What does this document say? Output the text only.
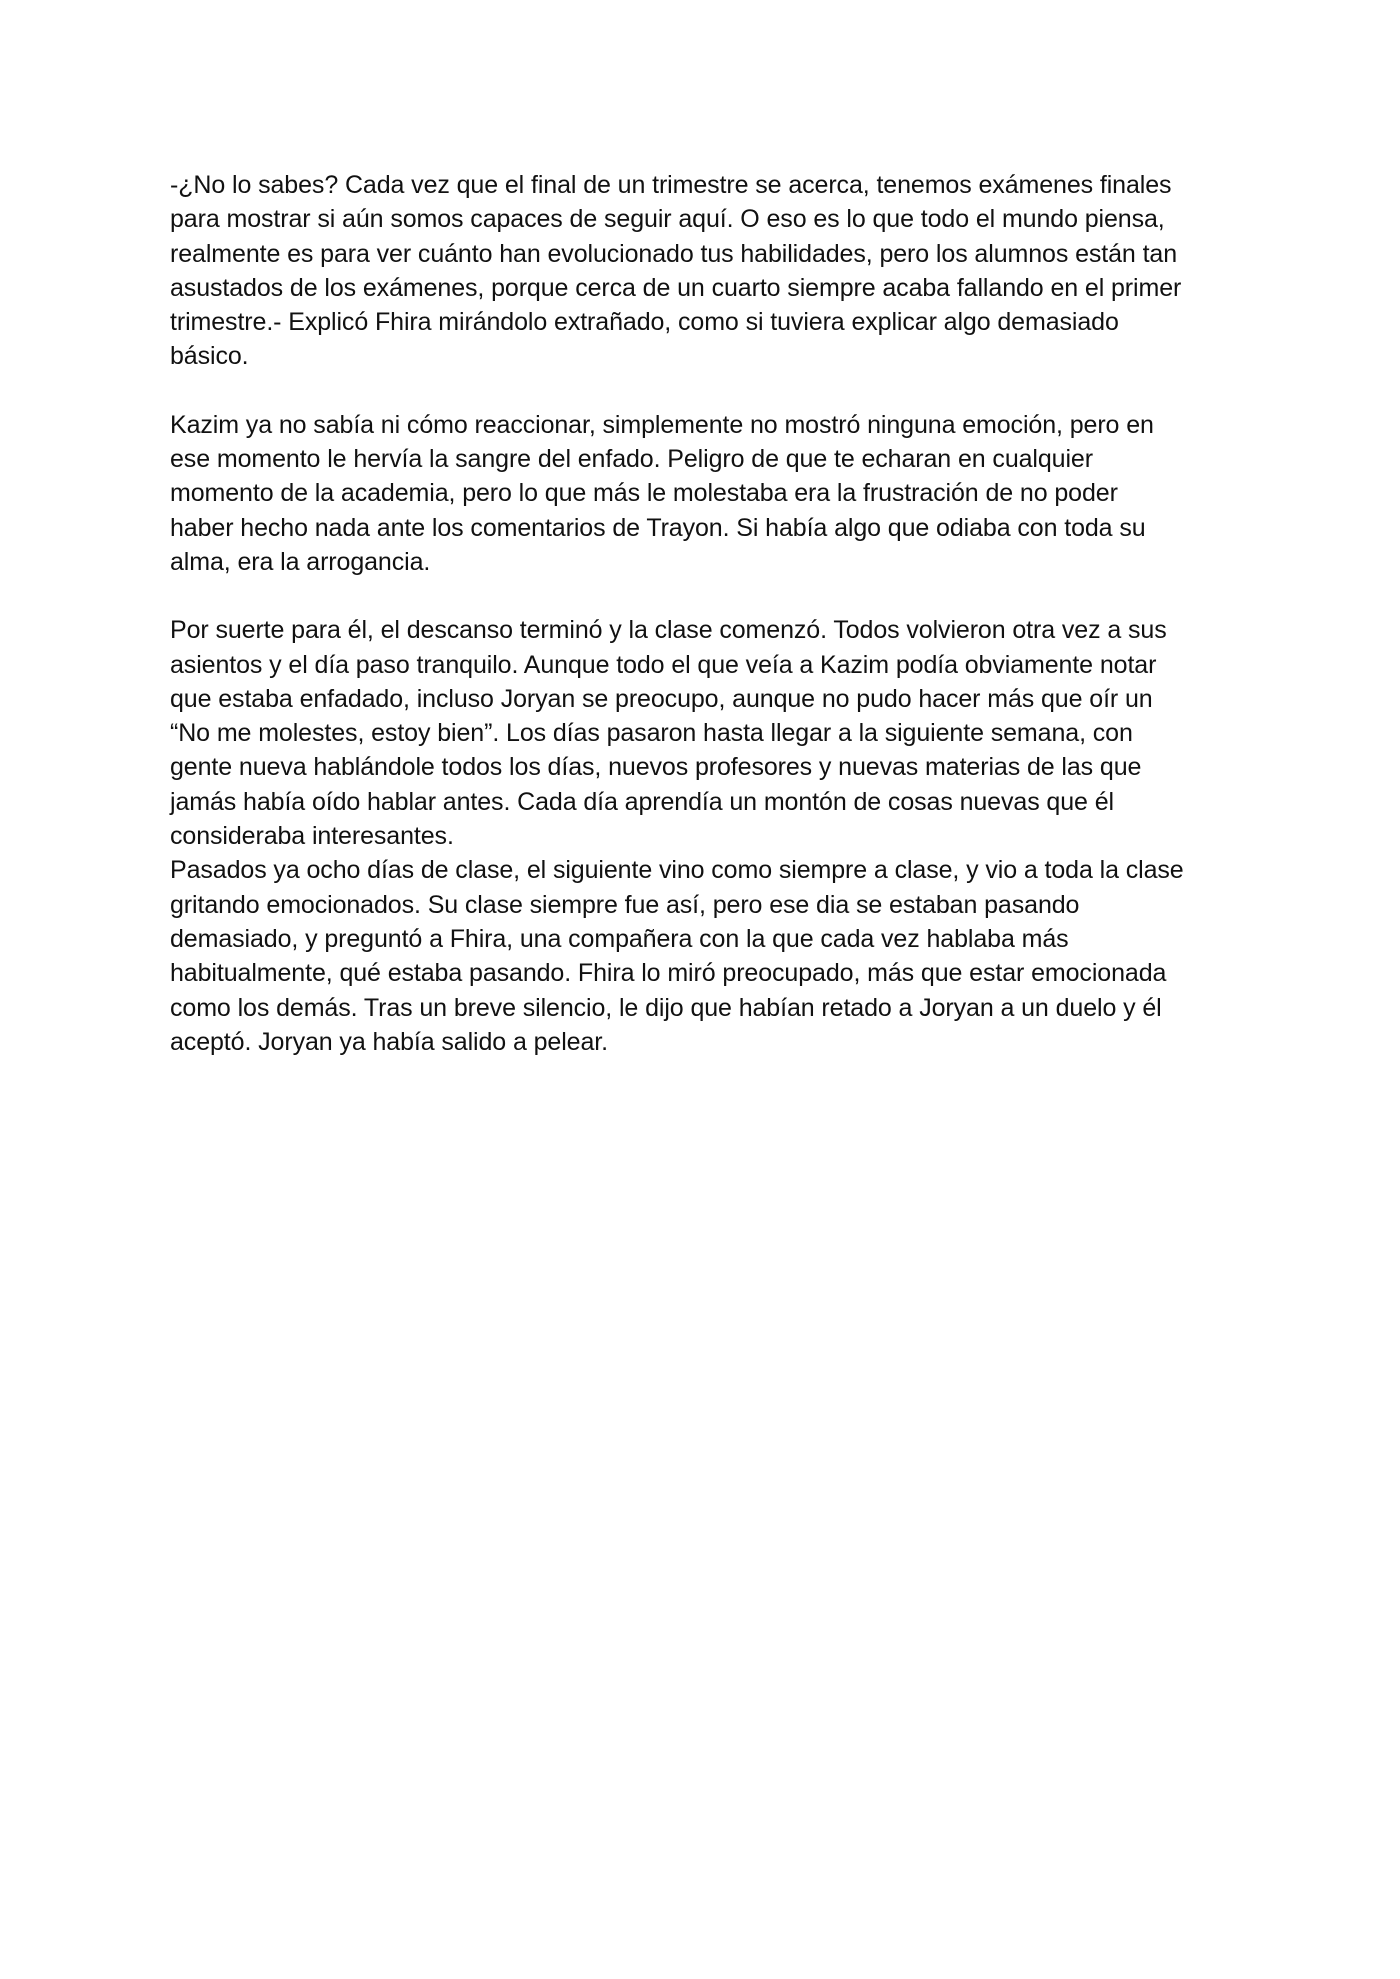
-¿No lo sabes? Cada vez que el final de un trimestre se acerca, tenemos exámenes finales
para mostrar si aún somos capaces de seguir aquí. O eso es lo que todo el mundo piensa,
realmente es para ver cuánto han evolucionado tus habilidades, pero los alumnos están tan
asustados de los exámenes, porque cerca de un cuarto siempre acaba fallando en el primer
trimestre.- Explicó Fhira mirándolo extrañado, como si tuviera explicar algo demasiado
básico.

Kazim ya no sabía ni cómo reaccionar, simplemente no mostró ninguna emoción, pero en
ese momento le hervía la sangre del enfado. Peligro de que te echaran en cualquier
momento de la academia, pero lo que más le molestaba era la frustración de no poder
haber hecho nada ante los comentarios de Trayon. Si había algo que odiaba con toda su
alma, era la arrogancia.

Por suerte para él, el descanso terminó y la clase comenzó. Todos volvieron otra vez a sus
asientos y el día paso tranquilo. Aunque todo el que veía a Kazim podía obviamente notar
que estaba enfadado, incluso Joryan se preocupo, aunque no pudo hacer más que oír un
“No me molestes, estoy bien”. Los días pasaron hasta llegar a la siguiente semana, con
gente nueva hablándole todos los días, nuevos profesores y nuevas materias de las que
jamás había oído hablar antes. Cada día aprendía un montón de cosas nuevas que él
consideraba interesantes.

Pasados ya ocho días de clase, el siguiente vino como siempre a clase, y vio a toda la clase
gritando emocionados. Su clase siempre fue así, pero ese dia se estaban pasando
demasiado, y preguntó a Fhira, una compañera con la que cada vez hablaba más
habitualmente, qué estaba pasando. Fhira lo miró preocupado, más que estar emocionada
como los demás. Tras un breve silencio, le dijo que habían retado a Joryan a un duelo y él
aceptó. Joryan ya había salido a pelear.
